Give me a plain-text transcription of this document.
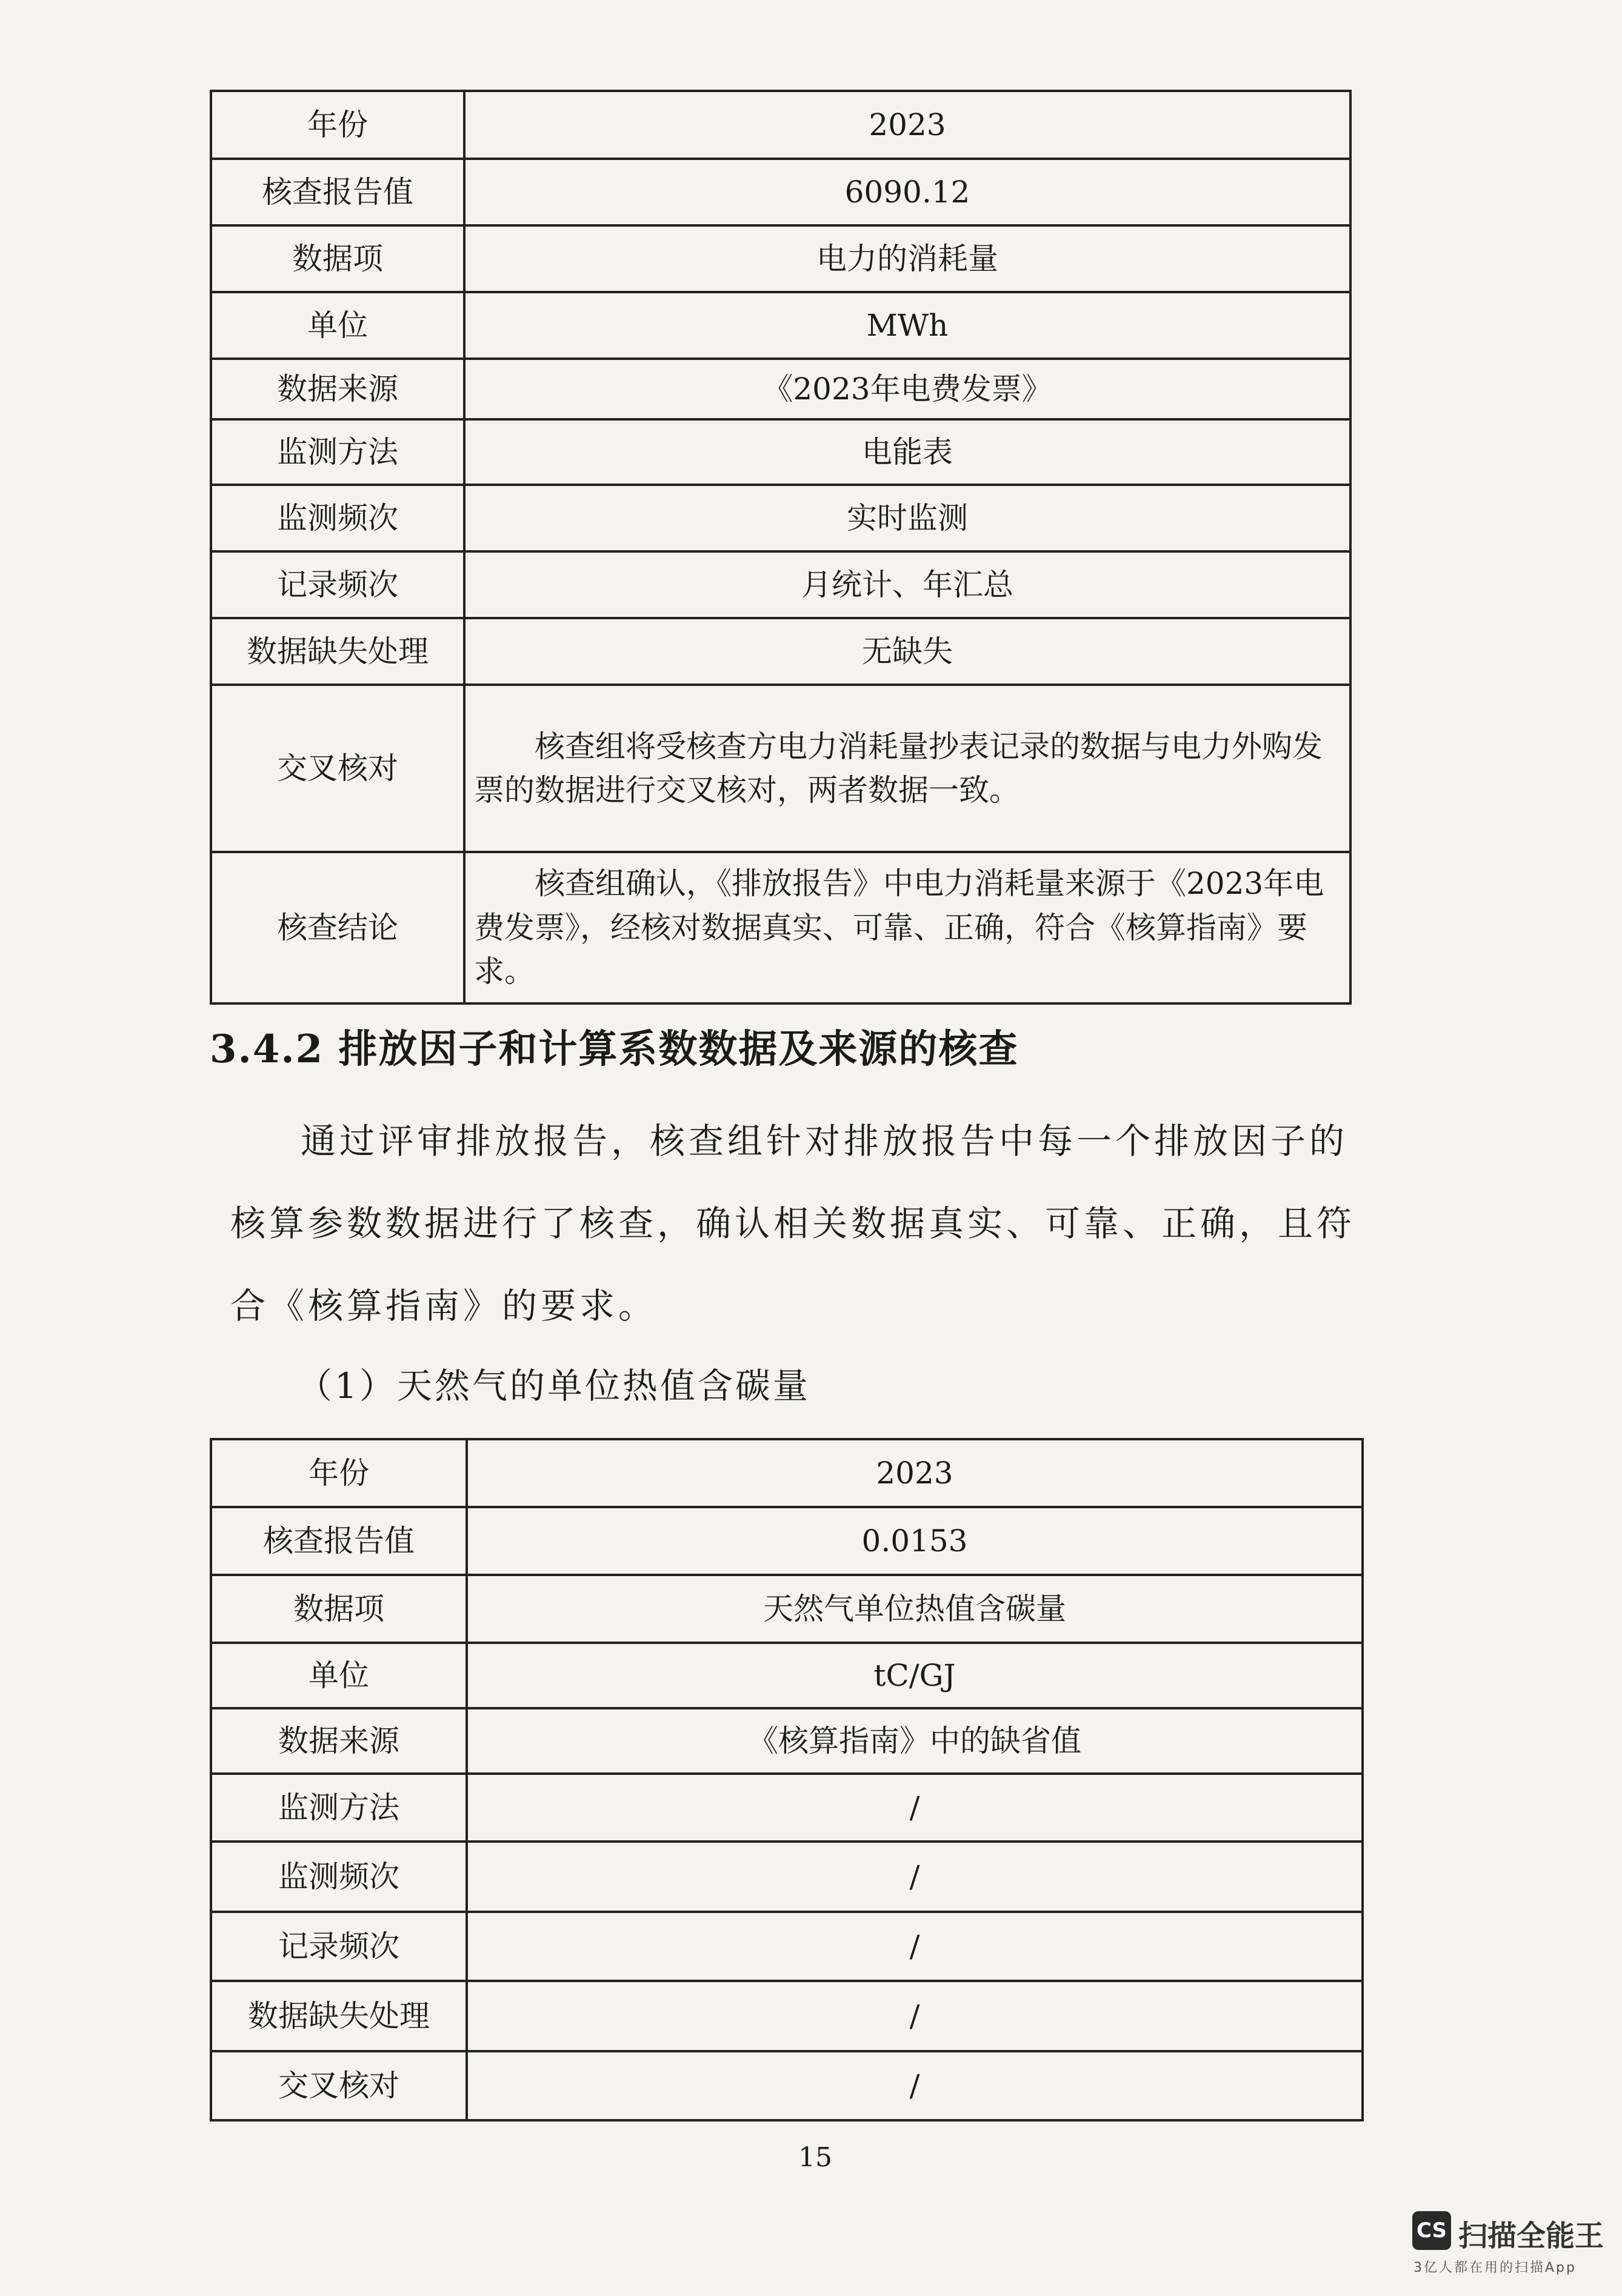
年份	2023
核查报告值	6090.12
数据项	电力的消耗量
单位	MWh
数据来源	《2023年电费发票》
监测方法	电能表
监测频次	实时监测
记录频次	月统计、年汇总
数据缺失处理	无缺失
交叉核对	核查组将受核查方电力消耗量抄表记录的数据与电力外购发票的数据进行交叉核对，两者数据一致。

核查结论	核查组确认，《排放报告》中电力消耗量来源于《2023年电费发票》，经核对数据真实、可靠、正确，符合《核算指南》要求。
3.4.2 排放因子和计算系数数据及来源的核查
通过评审排放报告，核查组针对排放报告中每一个排放因子的核算参数数据进行了核查，确认相关数据真实、可靠、正确，且符合《核算指南》的要求。
（1）天然气的单位热值含碳量
年份	2023
核查报告值	0.0153
数据项	天然气单位热值含碳量
单位	tC/GJ
数据来源	《核算指南》中的缺省值
监测方法	/
监测频次	/
记录频次	/
数据缺失处理	/
交叉核对	/
15
CS 扫描全能王
3亿人都在用的扫描App
